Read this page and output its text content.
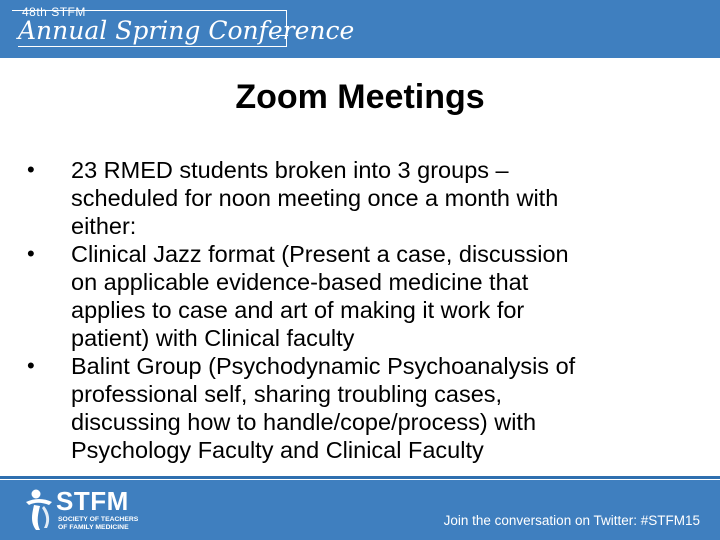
48th STFM
Annual Spring Conference
Zoom Meetings
•	23 RMED students broken into 3 groups –
scheduled for noon meeting once a month with
either:
•	Clinical Jazz format (Present a case, discussion
on applicable evidence-based medicine that
applies to case and art of making it work for
patient) with Clinical faculty
•	Balint Group (Psychodynamic Psychoanalysis of
professional self, sharing troubling cases,
discussing how to handle/cope/process) with
Psychology Faculty and Clinical Faculty
STFM
SOCIETY OF TEACHERS OF FAMILY MEDICINE	Join the conversation on Twitter: #STFM15
